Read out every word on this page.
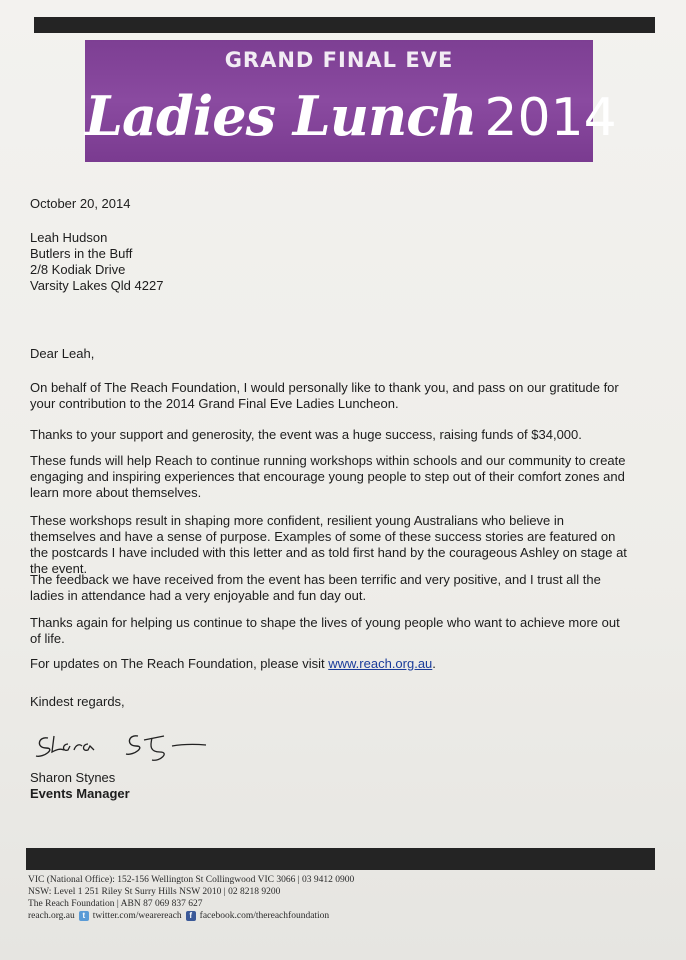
GRAND FINAL EVE
Ladies Lunch 2014
October 20, 2014

Leah Hudson

Butlers in the Buff

2/8 Kodiak Drive

Varsity Lakes Qld 4227

Dear Leah,
On behalf of The Reach Foundation, I would personally like to thank you, and pass on our gratitude for your contribution to the 2014 Grand Final Eve Ladies Luncheon.
Thanks to your support and generosity, the event was a huge success, raising funds of $34,000.
These funds will help Reach to continue running workshops within schools and our community to create engaging and inspiring experiences that encourage young people to step out of their comfort zones and learn more about themselves.
These workshops result in shaping more confident, resilient young Australians who believe in themselves and have a sense of purpose. Examples of some of these success stories are featured on the postcards I have included with this letter and as told first hand by the courageous Ashley on stage at the event.
The feedback we have received from the event has been terrific and very positive, and I trust all the ladies in attendance had a very enjoyable and fun day out.
Thanks again for helping us continue to shape the lives of young people who want to achieve more out of life.
For updates on The Reach Foundation, please visit www.reach.org.au.
Kindest regards,

Sharon Stynes

Events Manager

VIC (National Office): 152-156 Wellington St Collingwood VIC 3066 | 03 9412 0900
NSW: Level 1 251 Riley St Surry Hills NSW 2010 | 02 8218 9200
The Reach Foundation | ABN 87 069 837 627
reach.org.au t twitter.com/wearereach f facebook.com/thereachfoundation
